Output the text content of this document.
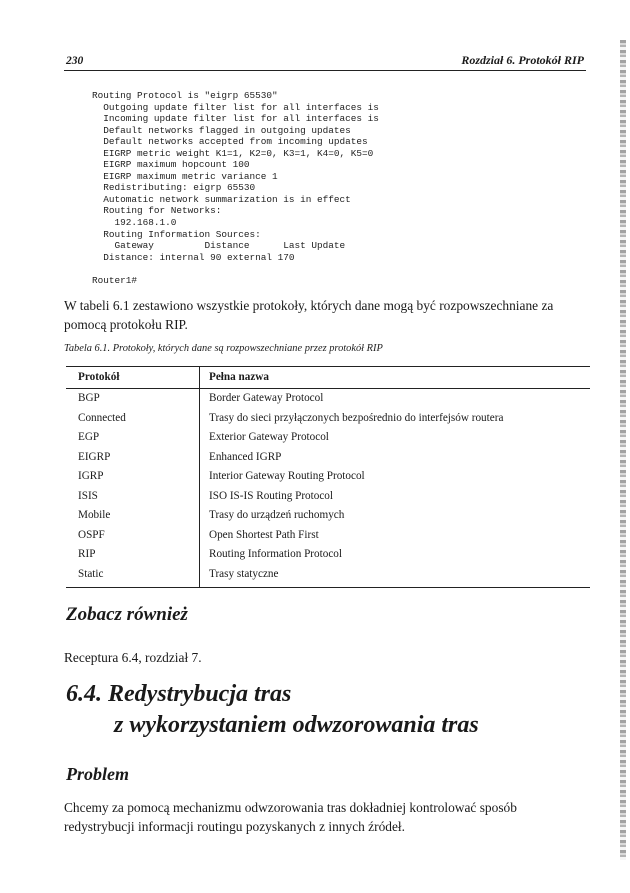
230	Rozdział 6. Protokół RIP
Routing Protocol is "eigrp 65530"
Outgoing update filter list for all interfaces is
Incoming update filter list for all interfaces is
Default networks flagged in outgoing updates
Default networks accepted from incoming updates
EIGRP metric weight K1=1, K2=0, K3=1, K4=0, K5=0
EIGRP maximum hopcount 100
EIGRP maximum metric variance 1
Redistributing: eigrp 65530
Automatic network summarization is in effect
Routing for Networks:
192.168.1.0
Routing Information Sources:
Gateway         Distance      Last Update
Distance: internal 90 external 170

Router1#

W tabeli 6.1 zestawiono wszystkie protokoły, których dane mogą być rozpowszechniane za pomocą protokołu RIP.
Tabela 6.1. Protokoły, których dane są rozpowszechniane przez protokół RIP
Protokół	Pełna nazwa
BGP	Border Gateway Protocol
Connected	Trasy do sieci przyłączonych bezpośrednio do interfejsów routera
EGP	Exterior Gateway Protocol
EIGRP	Enhanced IGRP
IGRP	Interior Gateway Routing Protocol
ISIS	ISO IS-IS Routing Protocol
Mobile	Trasy do urządzeń ruchomych
OSPF	Open Shortest Path First
RIP	Routing Information Protocol
Static	Trasy statyczne
Zobacz również
Receptura 6.4, rozdział 7.
6.4. Redystrybucja tras
z wykorzystaniem odwzorowania tras
Problem
Chcemy za pomocą mechanizmu odwzorowania tras dokładniej kontrolować sposób redystrybucji informacji routingu pozyskanych z innych źródeł.
